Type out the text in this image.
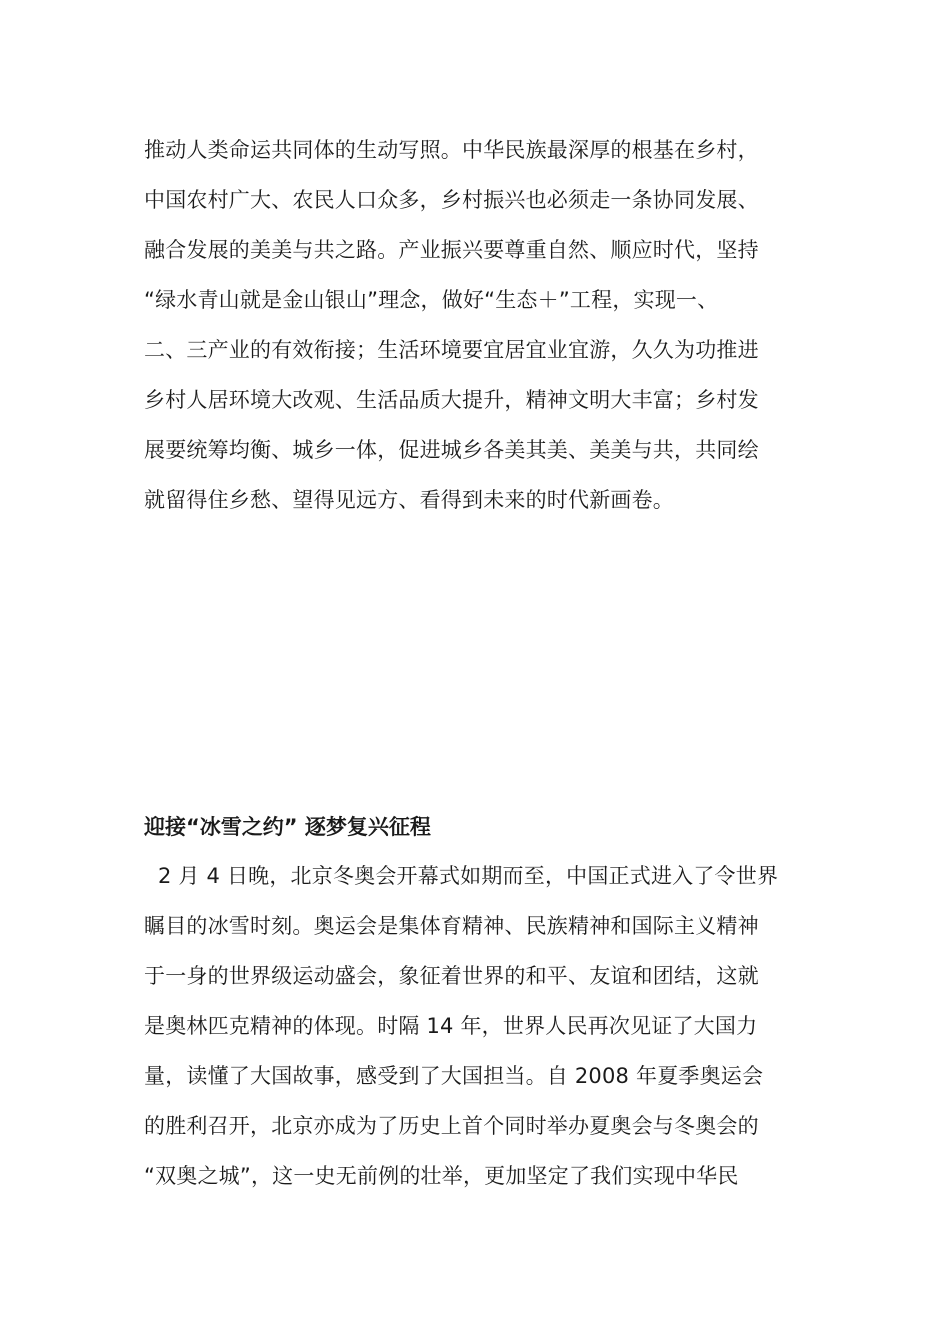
推动人类命运共同体的生动写照。中华民族最深厚的根基在乡村，
中国农村广大、农民人口众多，乡村振兴也必须走一条协同发展、
融合发展的美美与共之路。产业振兴要尊重自然、顺应时代，坚持
“绿水青山就是金山银山”理念，做好“生态＋”工程，实现一、
二、三产业的有效衔接；生活环境要宜居宜业宜游，久久为功推进
乡村人居环境大改观、生活品质大提升，精神文明大丰富；乡村发
展要统筹均衡、城乡一体，促进城乡各美其美、美美与共，共同绘
就留得住乡愁、望得见远方、看得到未来的时代新画卷。
迎接“冰雪之约” 逐梦复兴征程
2 月 4 日晚，北京冬奥会开幕式如期而至，中国正式进入了令世界
瞩目的冰雪时刻。奥运会是集体育精神、民族精神和国际主义精神
于一身的世界级运动盛会，象征着世界的和平、友谊和团结，这就
是奥林匹克精神的体现。时隔 14 年，世界人民再次见证了大国力
量，读懂了大国故事，感受到了大国担当。自 2008 年夏季奥运会
的胜利召开，北京亦成为了历史上首个同时举办夏奥会与冬奥会的
“双奥之城”，这一史无前例的壮举，更加坚定了我们实现中华民
